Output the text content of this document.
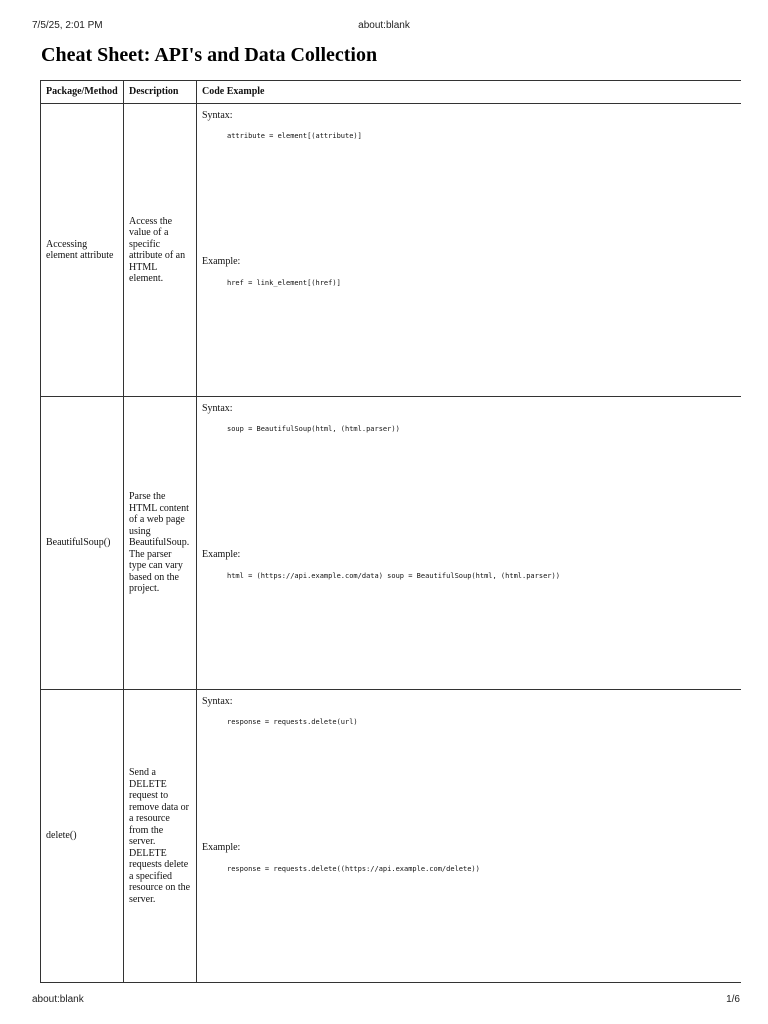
7/5/25, 2:01 PM	about:blank
Cheat Sheet: API's and Data Collection
Package/Method	Description	Code Example
Accessing element attribute	Access the value of a specific attribute of an HTML element.	Syntax:
attribute = element[(attribute)]
Example:
href = link_element[(href)]

BeautifulSoup()	Parse the HTML content of a web page using BeautifulSoup. The parser type can vary based on the project.	Syntax:
soup = BeautifulSoup(html, (html.parser))
Example:
html = (https://api.example.com/data) soup = BeautifulSoup(html, (html.parser))

delete()	Send a DELETE request to remove data or a resource from the server. DELETE requests delete a specified resource on the server.	Syntax:
response = requests.delete(url)
Example:
response = requests.delete((https://api.example.com/delete))
about:blank	1/6
